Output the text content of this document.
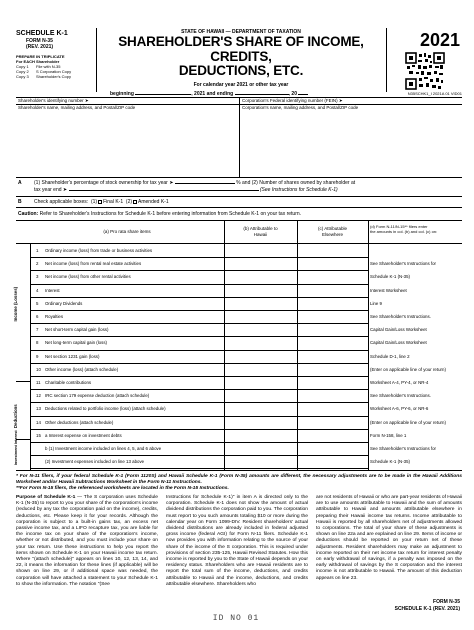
SCHEDULE K-1
FORM N-35
(REV. 2021)
PREPARE IN TRIPLICATE
For EACH Shareholder
Copy 1 File with N-35
Copy 2 S Corporation Copy
Copy 3 Shareholder's Copy
STATE OF HAWAII — DEPARTMENT OF TAXATION
SHAREHOLDER'S SHARE OF INCOME, CREDITS,
DEDUCTIONS, ETC.
For calendar year 2021 or other tax year
beginning	, 2021 and ending	, 20
2021
N35SCHK1_I 2021A 01 VID01
Shareholder's identifying number ➤	Corporation's Federal identifying number (FEIN) ➤
Shareholder's name, mailing address, and Postal/ZIP code	Corporation's name, mailing address, and Postal/ZIP code
A (1) Shareholder's percentage of stock ownership for tax year ➤	% and (2) Number of shares owned by shareholder at
tax year end ➤	(See Instructions for Schedule K-1)
B Check applicable boxes: (1) Final K-1 (2) Amended K-1
Caution: Refer to Shareholder's Instructions for Schedule K-1 before entering information from Schedule K-1 on your tax return.
(a) Pro rata share items
(b) Attributable to
Hawaii
(c) Attributable
Elsewhere
(d) Form N-11/N-15** filers enter
the amounts in col. (b) and col. (c) on:
Income (Losses)
Deductions
Investment Interest
1 Ordinary income (loss) from trade or business activities
2 Net income (loss) from rental real estate activities	See Shareholder's Instructions for
3 Net income (loss) from other rental activities	Schedule K-1 (N-35)
4 Interest	Interest Worksheet
5 Ordinary Dividends	Line 9
6 Royalties	See Shareholder's Instructions.
7 Net short-term capital gain (loss)	Capital Gain/Loss Worksheet
8 Net long-term capital gain (loss)	Capital Gain/Loss Worksheet
9 Net section 1231 gain (loss)	Schedule D-1, line 2
10 Other income (loss) (attach schedule)	(Enter on applicable line of your return)
11 Charitable contributions	Worksheet A-4, PY-4, or NR-4
12 IRC section 179 expense deduction (attach schedule)	See Shareholder's Instructions.
13 Deductions related to portfolio income (loss) (attach schedule)	Worksheet A-6, PY-6, or NR-6
14 Other deductions (attach schedule)	(Enter on applicable line of your return)
15 a Interest expense on investment debts	Form N-158, line 1
b (1) Investment income included on lines 4, 5, and 6 above	See Shareholder's Instructions for
(2) Investment expenses included on line 13 above	Schedule K-1 (N-35)
* For N-11 filers, if your federal Schedule K-1 (Form 1120S) and Hawaii Schedule K-1 (Form N-35) amounts are different, the necessary adjustments are to be made in the Hawaii Additions Worksheet and/or Hawaii Subtractions Worksheet in the Form N-11 Instructions.
**For Form N-15 filers, the referenced worksheets are located in the Form N-15 Instructions.
Purpose of Schedule K-1 — The S corporation uses Schedule K-1 (N-35) to report to you your share of the corporation's income (reduced by any tax the corporation paid on the income), credits, deductions, etc. Please keep it for your records. Although the corporation is subject to a built-in gains tax, an excess net passive income tax, and a LIFO recapture tax, you are liable for the income tax on your share of the corporation's income, whether or not distributed, and you must include your share on your tax return. Use these instructions to help you report the items shown on Schedule K-1 on your Hawaii income tax return. Where "(attach schedule)" appears on lines 10, 12, 13, 14, and 22, it means the information for these lines (if applicable) will be shown on line 29, or if additional space was needed, the corporation will have attached a statement to your Schedule K-1 to show the information. The notation "(See
Instructions for Schedule K-1)" in item A is directed only to the corporation. Schedule K-1 does not show the amount of actual dividend distributions the corporation paid to you. The corporation must report to you such amounts totaling $10 or more during the calendar year on Form 1099-DIV. Resident shareholders' actual dividend distributions are already included in federal adjusted gross income (federal AGI) for Form N-11 filers. Schedule K-1 now provides you with information relating to the source of your share of the income of the S corporation. This is required under provisions of section 235-125, Hawaii Revised Statutes. How this income is reported by you to the State of Hawaii depends on your residency status. Shareholders who are Hawaii residents are to report the total sum of the income, deductions, and credits attributable to Hawaii and the income, deductions, and credits attributable elsewhere. Shareholders who
are not residents of Hawaii or who are part-year residents of Hawaii are to use amounts attributable to Hawaii and the sum of amounts attributable to Hawaii and amounts attributable elsewhere in preparing their Hawaii income tax returns. Income attributable to Hawaii is reported by all shareholders net of adjustments allowed to corporations. The total of your share of these adjustments is shown on line 22a and are explained on line 29. Items of income or deductions should be reported on your return net of these adjustments. Resident shareholders may make an adjustment to income reported on their net income tax return for interest penalty on early withdrawal of savings, if a penalty was imposed on the early withdrawal of savings by the S corporation and the interest income is not attributable to Hawaii. The amount of this deduction appears on line 23.
FORM N-35
SCHEDULE K-1 (REV. 2021)
ID NO 01
